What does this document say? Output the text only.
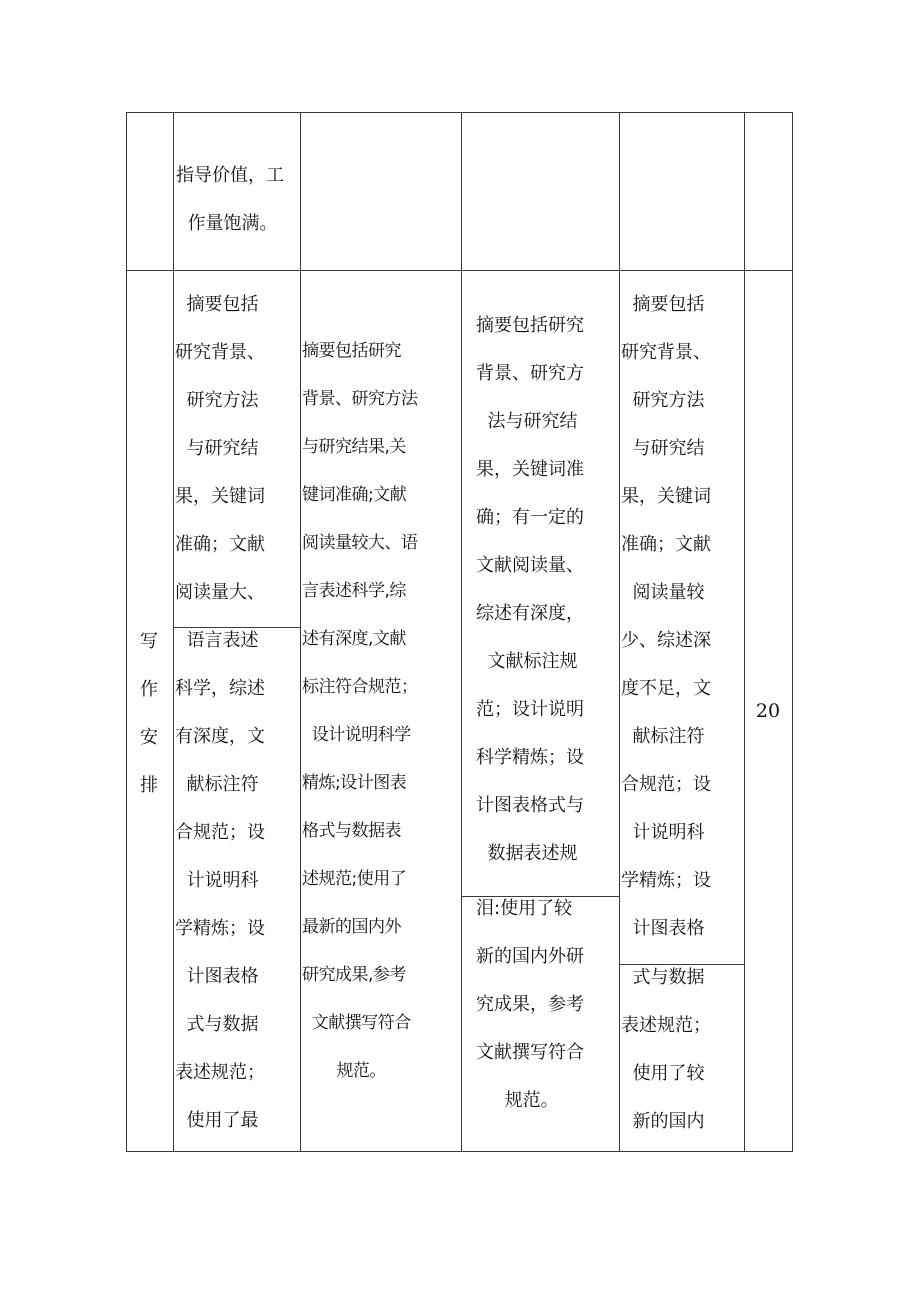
指导价值，工
作量饱满。
写
作
安
排
摘要包括
研究背景、
研究方法
与研究结
果，关键词
准确；文献
阅读量大、
语言表述
科学，综述
有深度，文
献标注符
合规范；设
计说明科
学精炼；设
计图表格
式与数据
表述规范；
使用了最
摘要包括研究
背景、研究方法
与研究结果,关
键词准确;文献
阅读量较大、语
言表述科学,综
述有深度,文献
标注符合规范；
设计说明科学
精炼;设计图表
格式与数据表
述规范;使用了
最新的国内外
研究成果,参考
文献撰写符合
规范。
摘要包括研究
背景、研究方
法与研究结
果，关键词准
确；有一定的
文献阅读量、
综述有深度，
文献标注规
范；设计说明
科学精炼；设
计图表格式与
数据表述规
泪:使用了较
新的国内外研
究成果，参考
文献撰写符合
规范。
摘要包括
研究背景、
研究方法
与研究结
果，关键词
准确；文献
阅读量较
少、综述深
度不足，文
献标注符
合规范；设
计说明科
学精炼；设
计图表格
式与数据
表述规范；
使用了较
新的国内
20
